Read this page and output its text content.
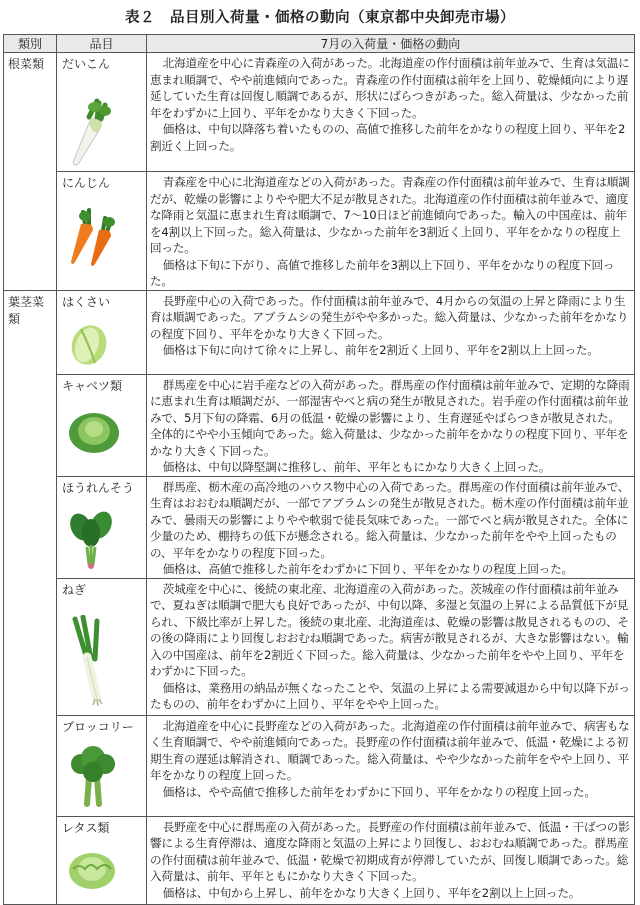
表２　品目別入荷量・価格の動向（東京都中央卸売市場）
類別	品目	7月の入荷量・価格の動向
根菜類	だいこん	北海道産を中心に青森産の入荷があった。北海道産の作付面積は前年並みで、生育は気温に恵まれ順調で、やや前進傾向であった。青森産の作付面積は前年を上回り、乾燥傾向により遅延していた生育は回復し順調であるが、形状にばらつきがあった。総入荷量は、少なかった前年をわずかに上回り、平年をかなり大きく下回った。

価格は、中旬以降落ち着いたものの、高値で推移した前年をかなりの程度上回り、平年を2割近く上回った。

	にんじん	青森産を中心に北海道産などの入荷があった。青森産の作付面積は前年並みで、生育は順調だが、乾燥の影響によりやや肥大不足が散見された。北海道産の作付面積は前年並みで、適度な降雨と気温に恵まれ生育は順調で、7～10日ほど前進傾向であった。輸入の中国産は、前年を4割以上下回った。総入荷量は、少なかった前年を3割近く上回り、平年をかなりの程度上回った。

価格は下旬に下がり、高値で推移した前年を3割以上下回り、平年をかなりの程度下回った。

葉茎菜類	はくさい	長野産中心の入荷であった。作付面積は前年並みで、4月からの気温の上昇と降雨により生育は順調であった。アブラムシの発生がやや多かった。総入荷量は、少なかった前年をかなりの程度下回り、平年をかなり大きく下回った。

価格は下旬に向けて徐々に上昇し、前年を2割近く上回り、平年を2割以上上回った。

	キャベツ類	群馬産を中心に岩手産などの入荷があった。群馬産の作付面積は前年並みで、定期的な降雨に恵まれ生育は順調だが、一部湿害やべと病の発生が散見された。岩手産の作付面積は前年並みで、5月下旬の降霜、6月の低温・乾燥の影響により、生育遅延やばらつきが散見された。全体的にやや小玉傾向であった。総入荷量は、少なかった前年をかなりの程度下回り、平年をかなり大きく下回った。

価格は、中旬以降堅調に推移し、前年、平年ともにかなり大きく上回った。

	ほうれんそう	群馬産、栃木産の高冷地のハウス物中心の入荷であった。群馬産の作付面積は前年並みで、生育はおおむね順調だが、一部でアブラムシの発生が散見された。栃木産の作付面積は前年並みで、曇雨天の影響によりやや軟弱で徒長気味であった。一部でべと病が散見された。全体に少量のため、棚持ちの低下が懸念される。総入荷量は、少なかった前年をやや上回ったものの、平年をかなりの程度下回った。

価格は、高値で推移した前年をわずかに下回り、平年をかなりの程度上回った。

	ねぎ	茨城産を中心に、後続の東北産、北海道産の入荷があった。茨城産の作付面積は前年並みで、夏ねぎは順調で肥大も良好であったが、中旬以降、多湿と気温の上昇による品質低下が見られ、下級比率が上昇した。後続の東北産、北海道産は、乾燥の影響は散見されるものの、その後の降雨により回復しおおむね順調であった。病害が散見されるが、大きな影響はない。輸入の中国産は、前年を2割近く下回った。総入荷量は、少なかった前年をやや上回り、平年をわずかに下回った。

価格は、業務用の納品が無くなったことや、気温の上昇による需要減退から中旬以降下がったものの、前年をわずかに上回り、平年をやや上回った。

	ブロッコリー	北海道産を中心に長野産などの入荷があった。北海道産の作付面積は前年並みで、病害もなく生育順調で、やや前進傾向であった。長野産の作付面積は前年並みで、低温・乾燥による初期生育の遅延は解消され、順調であった。総入荷量は、やや少なかった前年をやや上回り、平年をかなりの程度上回った。

価格は、やや高値で推移した前年をわずかに下回り、平年をかなりの程度上回った。

	レタス類	長野産を中心に群馬産の入荷があった。長野産の作付面積は前年並みで、低温・干ばつの影響による生育停滞は、適度な降雨と気温の上昇により回復し、おおむね順調であった。群馬産の作付面積は前年並みで、低温・乾燥で初期成育が停滞していたが、回復し順調であった。総入荷量は、前年、平年ともにかなり大きく下回った。

価格は、中旬から上昇し、前年をかなり大きく上回り、平年を2割以上上回った。
